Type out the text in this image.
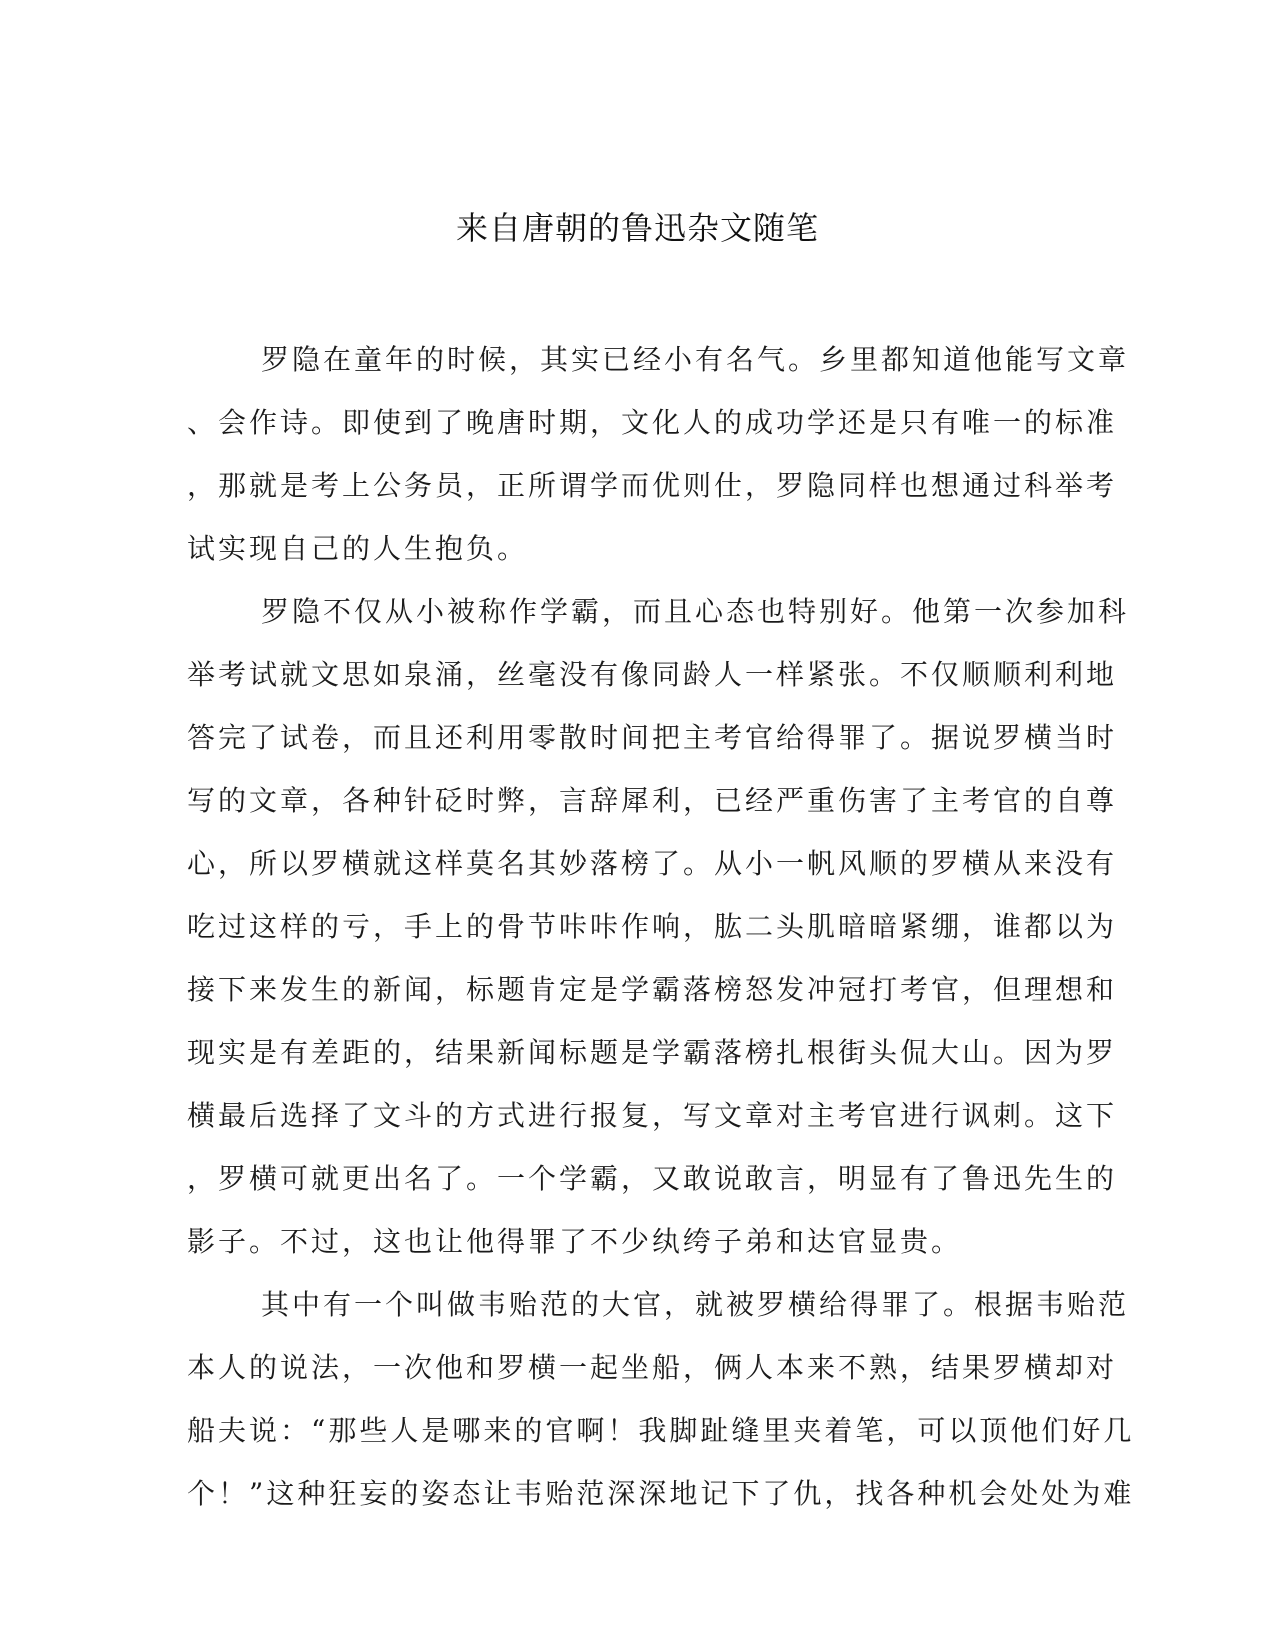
来自唐朝的鲁迅杂文随笔
罗隐在童年的时候，其实已经小有名气。乡里都知道他能写文章
、会作诗。即使到了晚唐时期，文化人的成功学还是只有唯一的标准
，那就是考上公务员，正所谓学而优则仕，罗隐同样也想通过科举考
试实现自己的人生抱负。
罗隐不仅从小被称作学霸，而且心态也特别好。他第一次参加科
举考试就文思如泉涌，丝毫没有像同龄人一样紧张。不仅顺顺利利地
答完了试卷，而且还利用零散时间把主考官给得罪了。据说罗横当时
写的文章，各种针砭时弊，言辞犀利，已经严重伤害了主考官的自尊
心，所以罗横就这样莫名其妙落榜了。从小一帆风顺的罗横从来没有
吃过这样的亏，手上的骨节咔咔作响，肱二头肌暗暗紧绷，谁都以为
接下来发生的新闻，标题肯定是学霸落榜怒发冲冠打考官，但理想和
现实是有差距的，结果新闻标题是学霸落榜扎根街头侃大山。因为罗
横最后选择了文斗的方式进行报复，写文章对主考官进行讽刺。这下
，罗横可就更出名了。一个学霸，又敢说敢言，明显有了鲁迅先生的
影子。不过，这也让他得罪了不少纨绔子弟和达官显贵。
其中有一个叫做韦贻范的大官，就被罗横给得罪了。根据韦贻范
本人的说法，一次他和罗横一起坐船，俩人本来不熟，结果罗横却对
船夫说：“那些人是哪来的官啊！我脚趾缝里夹着笔，可以顶他们好几
个！”这种狂妄的姿态让韦贻范深深地记下了仇，找各种机会处处为难
